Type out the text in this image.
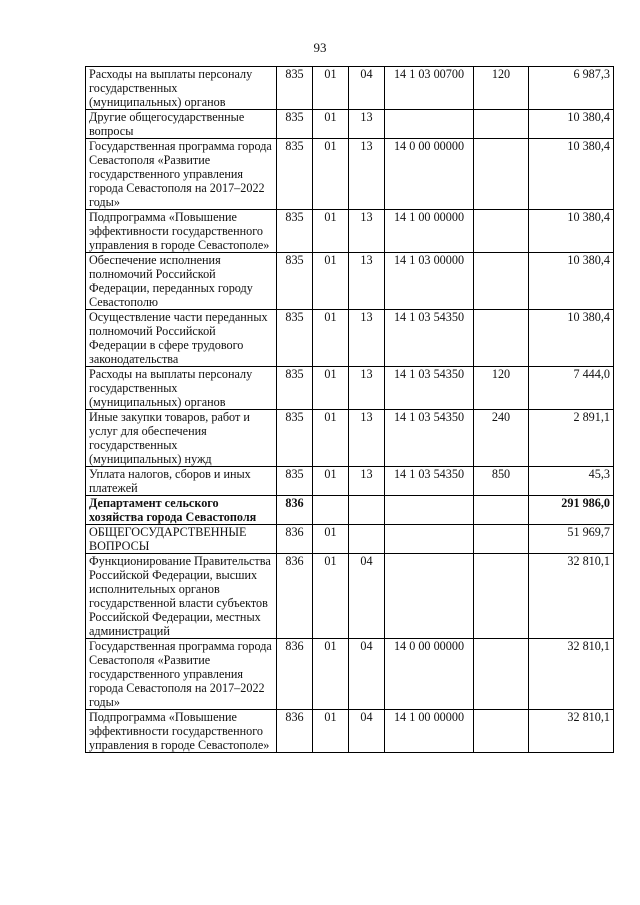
93
Расходы на выплаты персоналу государственных (муниципальных) органов	835	01	04	14 1 03 00700	120	6 987,3
Другие общегосударственные вопросы	835	01	13			10 380,4
Государственная программа города Севастополя «Развитие государственного управления города Севастополя на 2017–2022 годы»	835	01	13	14 0 00 00000		10 380,4
Подпрограмма «Повышение эффективности государственного управления в городе Севастополе»	835	01	13	14 1 00 00000		10 380,4
Обеспечение исполнения полномочий Российской Федерации, переданных городу Севастополю	835	01	13	14 1 03 00000		10 380,4
Осуществление части переданных полномочий Российской Федерации в сфере трудового законодательства	835	01	13	14 1 03 54350		10 380,4
Расходы на выплаты персоналу государственных (муниципальных) органов	835	01	13	14 1 03 54350	120	7 444,0
Иные закупки товаров, работ и услуг для обеспечения государственных (муниципальных) нужд	835	01	13	14 1 03 54350	240	2 891,1
Уплата налогов, сборов и иных платежей	835	01	13	14 1 03 54350	850	45,3
Департамент сельского хозяйства города Севастополя	836					291 986,0
ОБЩЕГОСУДАРСТВЕННЫЕ ВОПРОСЫ	836	01				51 969,7
Функционирование Правительства Российской Федерации, высших исполнительных органов государственной власти субъектов Российской Федерации, местных администраций	836	01	04			32 810,1
Государственная программа города Севастополя «Развитие государственного управления города Севастополя на 2017–2022 годы»	836	01	04	14 0 00 00000		32 810,1
Подпрограмма «Повышение эффективности государственного управления в городе Севастополе»	836	01	04	14 1 00 00000		32 810,1
